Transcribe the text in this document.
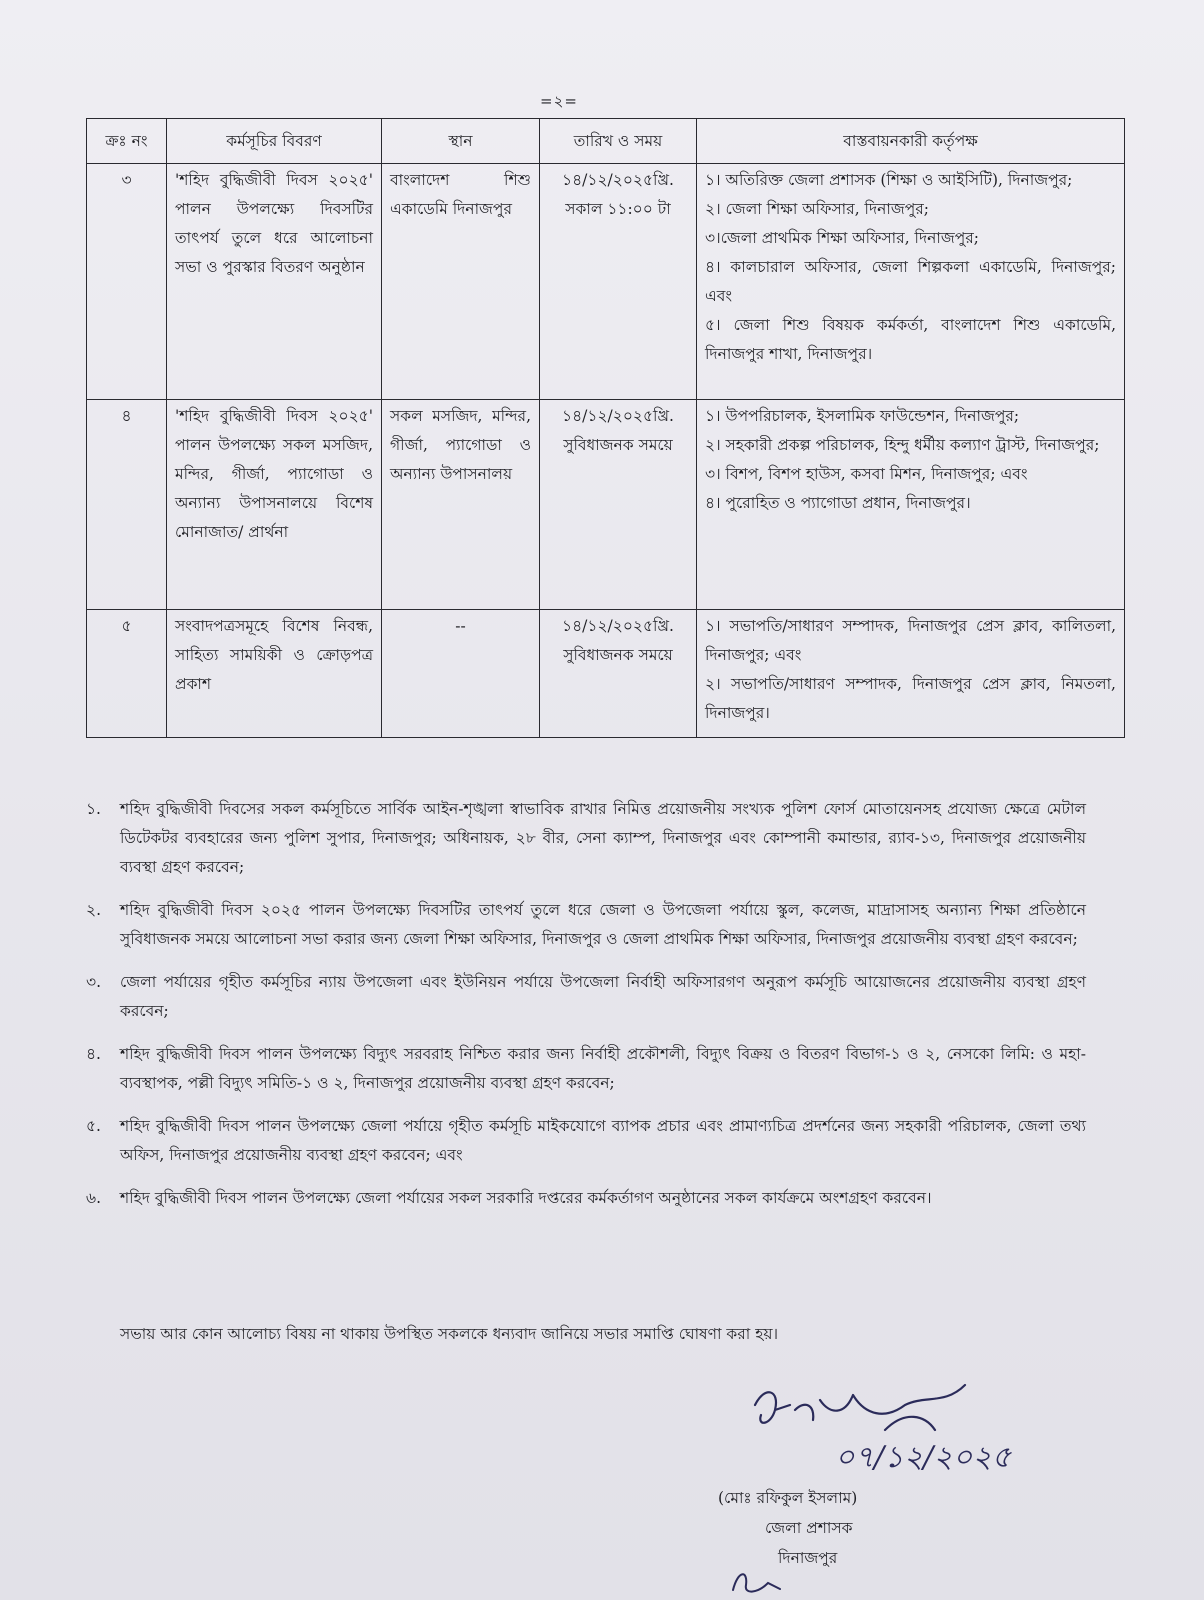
=২=
ক্রঃ নং	কর্মসূচির বিবরণ	স্থান	তারিখ ও সময়	বাস্তবায়নকারী কর্তৃপক্ষ
৩	'শহিদ বুদ্ধিজীবী দিবস ২০২৫' পালন উপলক্ষ্যে দিবসটির তাৎপর্য তুলে ধরে আলোচনা সভা ও পুরস্কার বিতরণ অনুষ্ঠান	বাংলাদেশ শিশু একাডেমি দিনাজপুর	১৪/১২/২০২৫খ্রি. সকাল ১১:০০ টা	১। অতিরিক্ত জেলা প্রশাসক (শিক্ষা ও আইসিটি), দিনাজপুর;
২। জেলা শিক্ষা অফিসার, দিনাজপুর;
৩।জেলা প্রাথমিক শিক্ষা অফিসার, দিনাজপুর;
৪। কালচারাল অফিসার, জেলা শিল্পকলা একাডেমি, দিনাজপুর; এবং
৫। জেলা শিশু বিষয়ক কর্মকর্তা, বাংলাদেশ শিশু একাডেমি, দিনাজপুর শাখা, দিনাজপুর।

৪	'শহিদ বুদ্ধিজীবী দিবস ২০২৫' পালন উপলক্ষ্যে সকল মসজিদ, মন্দির, গীর্জা, প্যাগোডা ও অন্যান্য উপাসনালয়ে বিশেষ মোনাজাত/ প্রার্থনা	সকল মসজিদ, মন্দির, গীর্জা, প্যাগোডা ও অন্যান্য উপাসনালয়	১৪/১২/২০২৫খ্রি. সুবিধাজনক সময়ে	১। উপপরিচালক, ইসলামিক ফাউন্ডেশন, দিনাজপুর;
২। সহকারী প্রকল্প পরিচালক, হিন্দু ধর্মীয় কল্যাণ ট্রাস্ট, দিনাজপুর;
৩। বিশপ, বিশপ হাউস, কসবা মিশন, দিনাজপুর; এবং
৪। পুরোহিত ও প্যাগোডা প্রধান, দিনাজপুর।

৫	সংবাদপত্রসমূহে বিশেষ নিবন্ধ, সাহিত্য সাময়িকী ও ক্রোড়পত্র প্রকাশ	--	১৪/১২/২০২৫খ্রি. সুবিধাজনক সময়ে	১। সভাপতি/সাধারণ সম্পাদক, দিনাজপুর প্রেস ক্লাব, কালিতলা, দিনাজপুর; এবং
২। সভাপতি/সাধারণ সম্পাদক, দিনাজপুর প্রেস ক্লাব, নিমতলা, দিনাজপুর।
১.	শহিদ বুদ্ধিজীবী দিবসের সকল কর্মসূচিতে সার্বিক আইন-শৃঙ্খলা স্বাভাবিক রাখার নিমিত্ত প্রয়োজনীয় সংখ্যক পুলিশ ফোর্স মোতায়েনসহ প্রযোজ্য ক্ষেত্রে মেটাল ডিটেকটর ব্যবহারের জন্য পুলিশ সুপার, দিনাজপুর; অধিনায়ক, ২৮ বীর, সেনা ক্যাম্প, দিনাজপুর এবং কোম্পানী কমান্ডার, র‍্যাব-১৩, দিনাজপুর প্রয়োজনীয় ব্যবস্থা গ্রহণ করবেন;
২.	শহিদ বুদ্ধিজীবী দিবস ২০২৫ পালন উপলক্ষ্যে দিবসটির তাৎপর্য তুলে ধরে জেলা ও উপজেলা পর্যায়ে স্কুল, কলেজ, মাদ্রাসাসহ অন্যান্য শিক্ষা প্রতিষ্ঠানে সুবিধাজনক সময়ে আলোচনা সভা করার জন্য জেলা শিক্ষা অফিসার, দিনাজপুর ও জেলা প্রাথমিক শিক্ষা অফিসার, দিনাজপুর প্রয়োজনীয় ব্যবস্থা গ্রহণ করবেন;
৩.	জেলা পর্যায়ের গৃহীত কর্মসূচির ন্যায় উপজেলা এবং ইউনিয়ন পর্যায়ে উপজেলা নির্বাহী অফিসারগণ অনুরূপ কর্মসূচি আয়োজনের প্রয়োজনীয় ব্যবস্থা গ্রহণ করবেন;
৪.	শহিদ বুদ্ধিজীবী দিবস পালন উপলক্ষ্যে বিদ্যুৎ সরবরাহ নিশ্চিত করার জন্য নির্বাহী প্রকৌশলী, বিদ্যুৎ বিক্রয় ও বিতরণ বিভাগ-১ ও ২, নেসকো লিমি: ও মহা-ব্যবস্থাপক, পল্লী বিদ্যুৎ সমিতি-১ ও ২, দিনাজপুর প্রয়োজনীয় ব্যবস্থা গ্রহণ করবেন;
৫.	শহিদ বুদ্ধিজীবী দিবস পালন উপলক্ষ্যে জেলা পর্যায়ে গৃহীত কর্মসূচি মাইকযোগে ব্যাপক প্রচার এবং প্রামাণ্যচিত্র প্রদর্শনের জন্য সহকারী পরিচালক, জেলা তথ্য অফিস, দিনাজপুর প্রয়োজনীয় ব্যবস্থা গ্রহণ করবেন; এবং
৬.	শহিদ বুদ্ধিজীবী দিবস পালন উপলক্ষ্যে জেলা পর্যায়ের সকল সরকারি দপ্তরের কর্মকর্তাগণ অনুষ্ঠানের সকল কার্যক্রমে অংশগ্রহণ করবেন।
সভায় আর কোন আলোচ্য বিষয় না থাকায় উপস্থিত সকলকে ধন্যবাদ জানিয়ে সভার সমাপ্তি ঘোষণা করা হয়।
০৭/১২/২০২৫
(মোঃ রফিকুল ইসলাম)
জেলা প্রশাসক
দিনাজপুর
